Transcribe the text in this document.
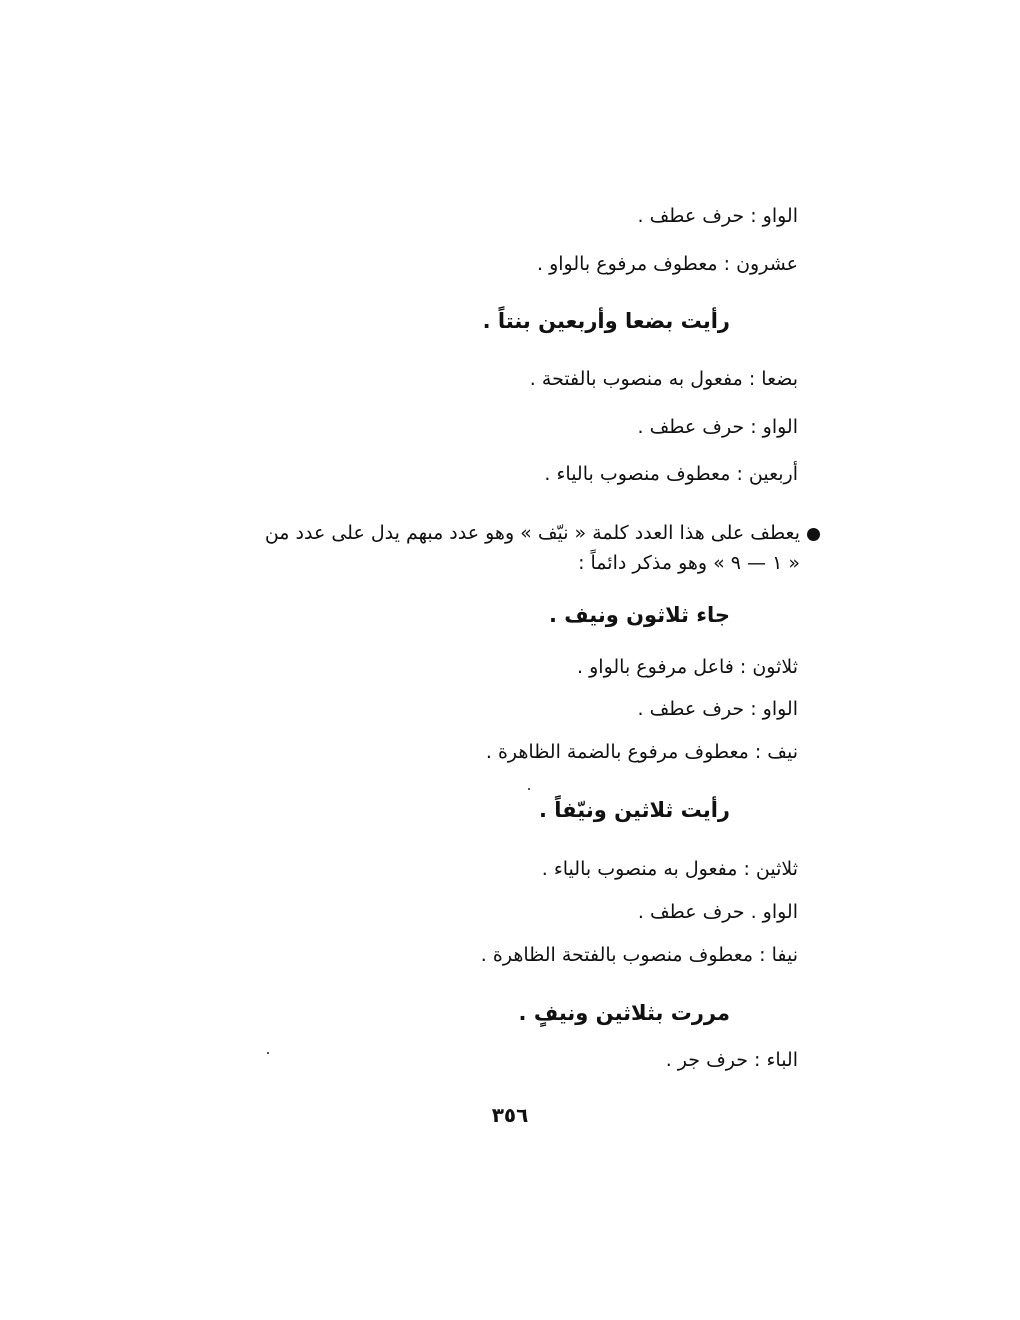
الواو : حرف عطف .
عشرون : معطوف مرفوع بالواو .
رأيت بضعا وأربعين بنتاً .
بضعا : مفعول به منصوب بالفتحة .
الواو : حرف عطف .
أربعين : معطوف منصوب بالياء .
يعطف على هذا العدد كلمة « نيّف » وهو عدد مبهم يدل على عدد من
« ١ — ٩ » وهو مذكر دائماً :
جاء ثلاثون ونيف .
ثلاثون : فاعل مرفوع بالواو .
الواو : حرف عطف .
نيف : معطوف مرفوع بالضمة الظاهرة .
رأيت ثلاثين ونيّفاً .
ثلاثين : مفعول به منصوب بالياء .
الواو . حرف عطف .
نيفا : معطوف منصوب بالفتحة الظاهرة .
مررت بثلاثين ونيفٍ .
الباء : حرف جر .
٣٥٦
